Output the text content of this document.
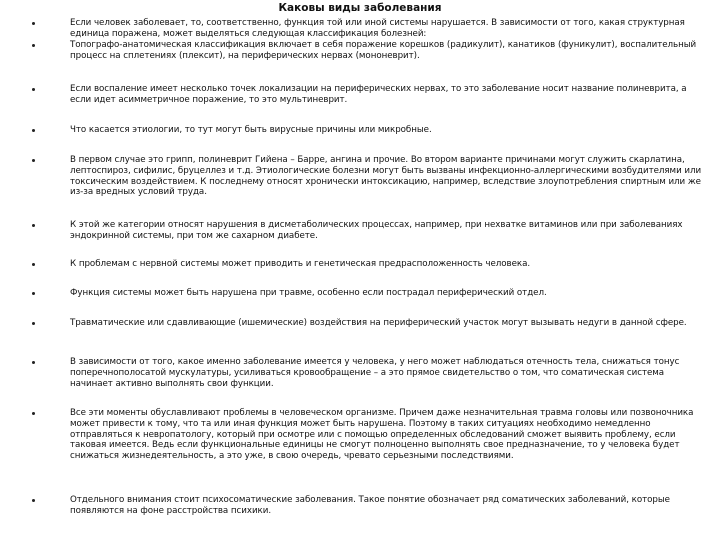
Каковы виды заболевания
Если человек заболевает, то, соответственно, функция той или иной системы нарушается. В зависимости от того, какая структурная единица поражена, может выделяться следующая классификация болезней:
Топографо-анатомическая классификация включает в себя поражение корешков (радикулит), канатиков (фуникулит), воспалительный процесс на сплетениях (плексит), на периферических нервах (мононеврит).
Если воспаление имеет несколько точек локализации на периферических нервах, то это заболевание носит название полиневрита, а если идет асимметричное поражение, то это мультиневрит.
Что касается этиологии, то тут могут быть вирусные причины или микробные.
В первом случае это грипп, полиневрит Гийена – Барре, ангина и прочие. Во втором варианте причинами могут служить скарлатина, лептоспироз, сифилис, бруцеллез и т.д. Этиологические болезни могут быть вызваны инфекционно-аллергическими возбудителями или токсическим воздействием. К последнему относят хронически интоксикацию, например, вследствие злоупотребления спиртным или же из-за вредных условий труда.
К этой же категории относят нарушения в дисметаболических процессах, например, при нехватке витаминов или при заболеваниях эндокринной системы, при том же сахарном диабете.
К проблемам с нервной системы может приводить и генетическая предрасположенность человека.
Функция системы может быть нарушена при травме, особенно если пострадал периферический отдел.
Травматические или сдавливающие (ишемические) воздействия на периферический участок могут вызывать недуги в данной сфере.
В зависимости от того, какое именно заболевание имеется у человека, у него может наблюдаться отечность тела, снижаться тонус поперечнополосатой мускулатуры, усиливаться кровообращение – а это прямое свидетельство о том, что соматическая система начинает активно выполнять свои функции.
Все эти моменты обуславливают проблемы в человеческом организме. Причем даже незначительная травма головы или позвоночника может привести к тому, что та или иная функция может быть нарушена. Поэтому в таких ситуациях необходимо немедленно отправляться к невропатологу, который при осмотре или с помощью определенных обследований сможет выявить проблему, если таковая имеется. Ведь если функциональные единицы не смогут полноценно выполнять свое предназначение, то у человека будет снижаться жизнедеятельность, а это уже, в свою очередь, чревато серьезными последствиями.
Отдельного внимания стоит психосоматические заболевания. Такое понятие обозначает ряд соматических заболеваний, которые появляются на фоне расстройства психики.
